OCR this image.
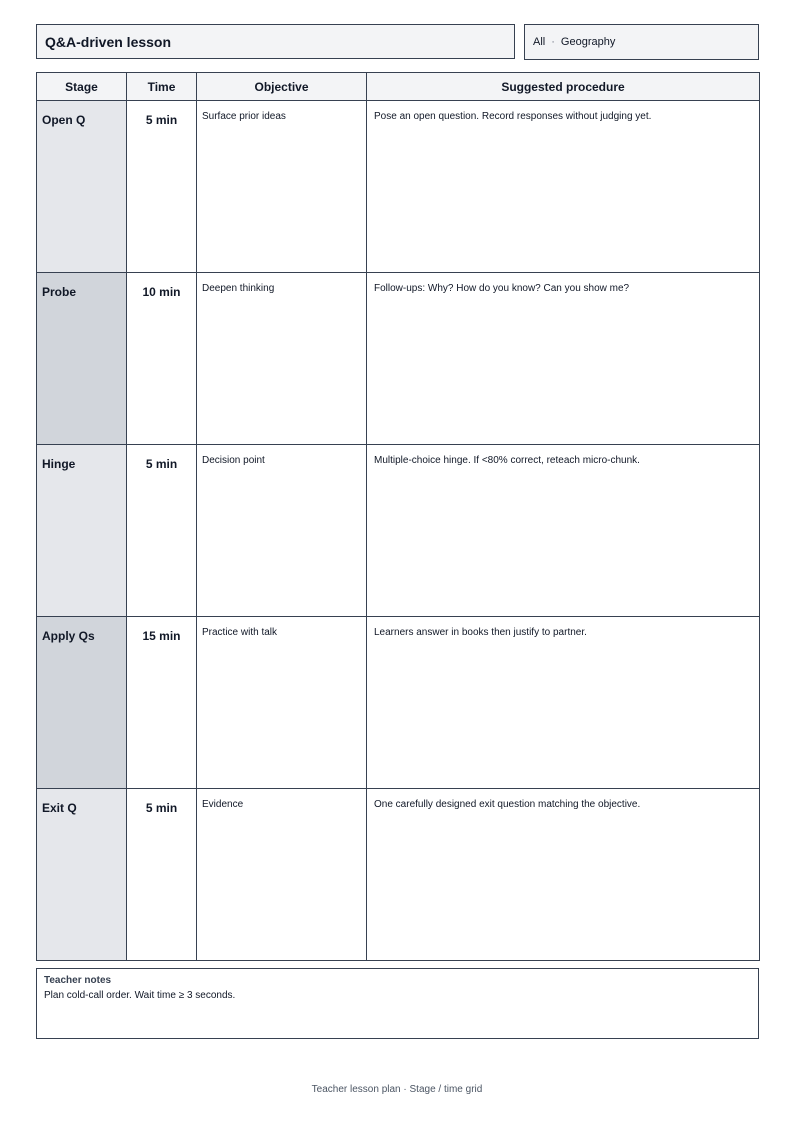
Q&A-driven lesson	All · Geography
Stage	Time	Objective	Suggested procedure
Open Q	5 min	Surface prior ideas	Pose an open question. Record responses without judging yet.
Probe	10 min	Deepen thinking	Follow-ups: Why? How do you know? Can you show me?
Hinge	5 min	Decision point	Multiple-choice hinge. If <80% correct, reteach micro-chunk.
Apply Qs	15 min	Practice with talk	Learners answer in books then justify to partner.
Exit Q	5 min	Evidence	One carefully designed exit question matching the objective.
Teacher notes
Plan cold-call order. Wait time ≥ 3 seconds.
Teacher lesson plan · Stage / time grid
